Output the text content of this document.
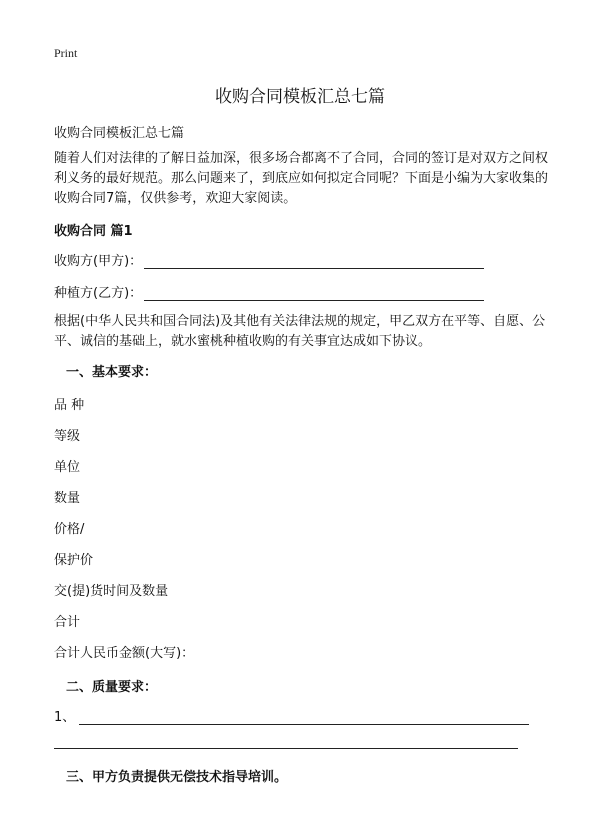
Print
收购合同模板汇总七篇
收购合同模板汇总七篇
随着人们对法律的了解日益加深，很多场合都离不了合同，合同的签订是对双方之间权利义务的最好规范。那么问题来了，到底应如何拟定合同呢？下面是小编为大家收集的收购合同7篇，仅供参考，欢迎大家阅读。
收购合同 篇1
收购方(甲方)：
种植方(乙方)：
根据(中华人民共和国合同法)及其他有关法律法规的规定，甲乙双方在平等、自愿、公平、诚信的基础上，就水蜜桃种植收购的有关事宜达成如下协议。
一、基本要求：
品 种
等级
单位
数量
价格/
保护价
交(提)货时间及数量
合计
合计人民币金额(大写)：
二、质量要求：
1、
三、甲方负责提供无偿技术指导培训。
